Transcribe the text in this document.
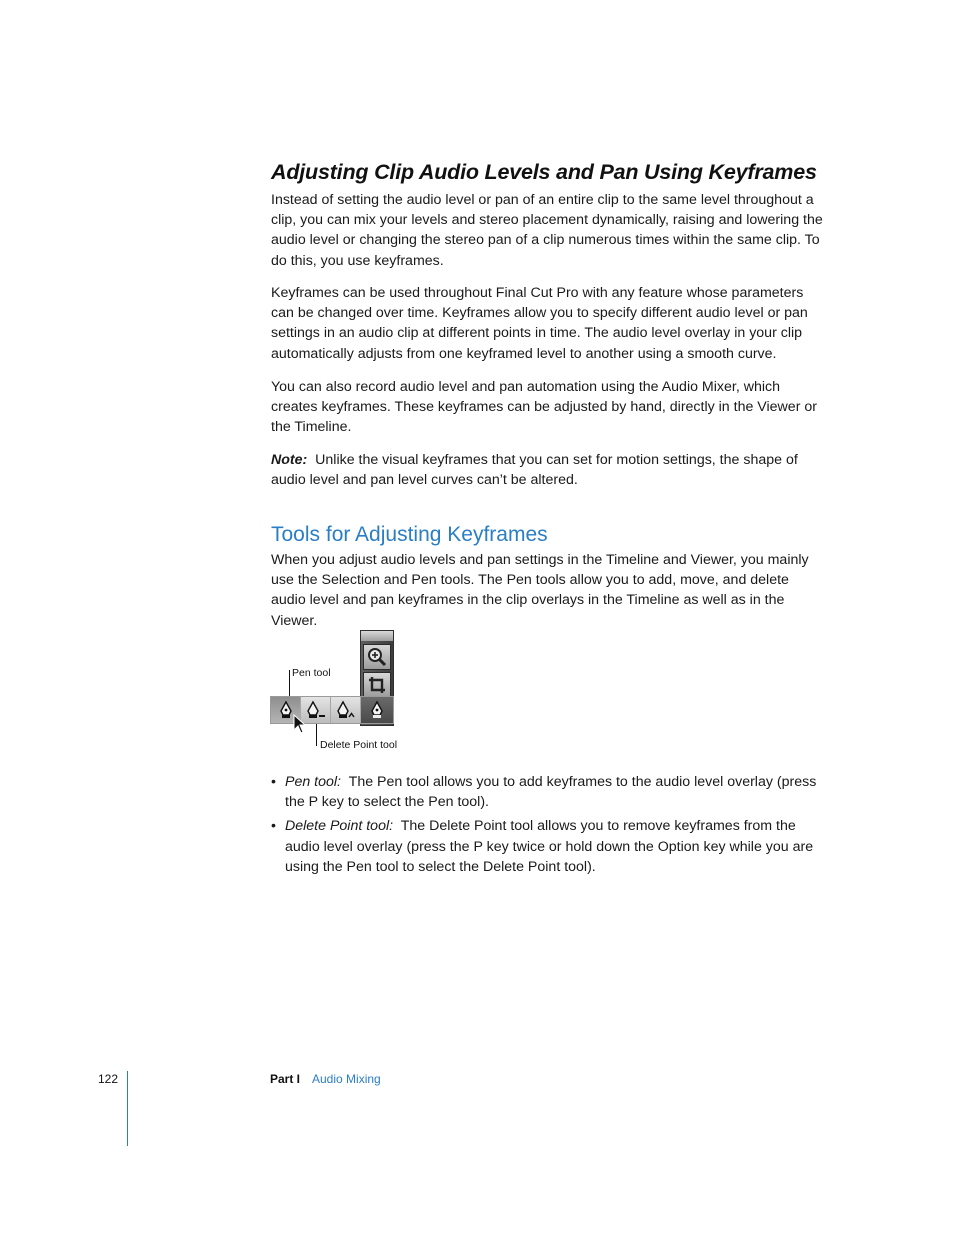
Adjusting Clip Audio Levels and Pan Using Keyframes

Instead of setting the audio level or pan of an entire clip to the same level throughout a clip, you can mix your levels and stereo placement dynamically, raising and lowering the audio level or changing the stereo pan of a clip numerous times within the same clip. To do this, you use keyframes.

Keyframes can be used throughout Final Cut Pro with any feature whose parameters can be changed over time. Keyframes allow you to specify different audio level or pan settings in an audio clip at different points in time. The audio level overlay in your clip automatically adjusts from one keyframed level to another using a smooth curve.

You can also record audio level and pan automation using the Audio Mixer, which creates keyframes. These keyframes can be adjusted by hand, directly in the Viewer or the Timeline.

Note: Unlike the visual keyframes that you can set for motion settings, the shape of audio level and pan level curves can’t be altered.

Tools for Adjusting Keyframes

When you adjust audio levels and pan settings in the Timeline and Viewer, you mainly use the Selection and Pen tools. The Pen tools allow you to add, move, and delete audio level and pan keyframes in the clip overlays in the Timeline as well as in the Viewer.

Pen tool
Delete Point tool
• Pen tool: The Pen tool allows you to add keyframes to the audio level overlay (press the P key to select the Pen tool).
• Delete Point tool: The Delete Point tool allows you to remove keyframes from the audio level overlay (press the P key twice or hold down the Option key while you are using the Pen tool to select the Delete Point tool).
122	Part I Audio Mixing
